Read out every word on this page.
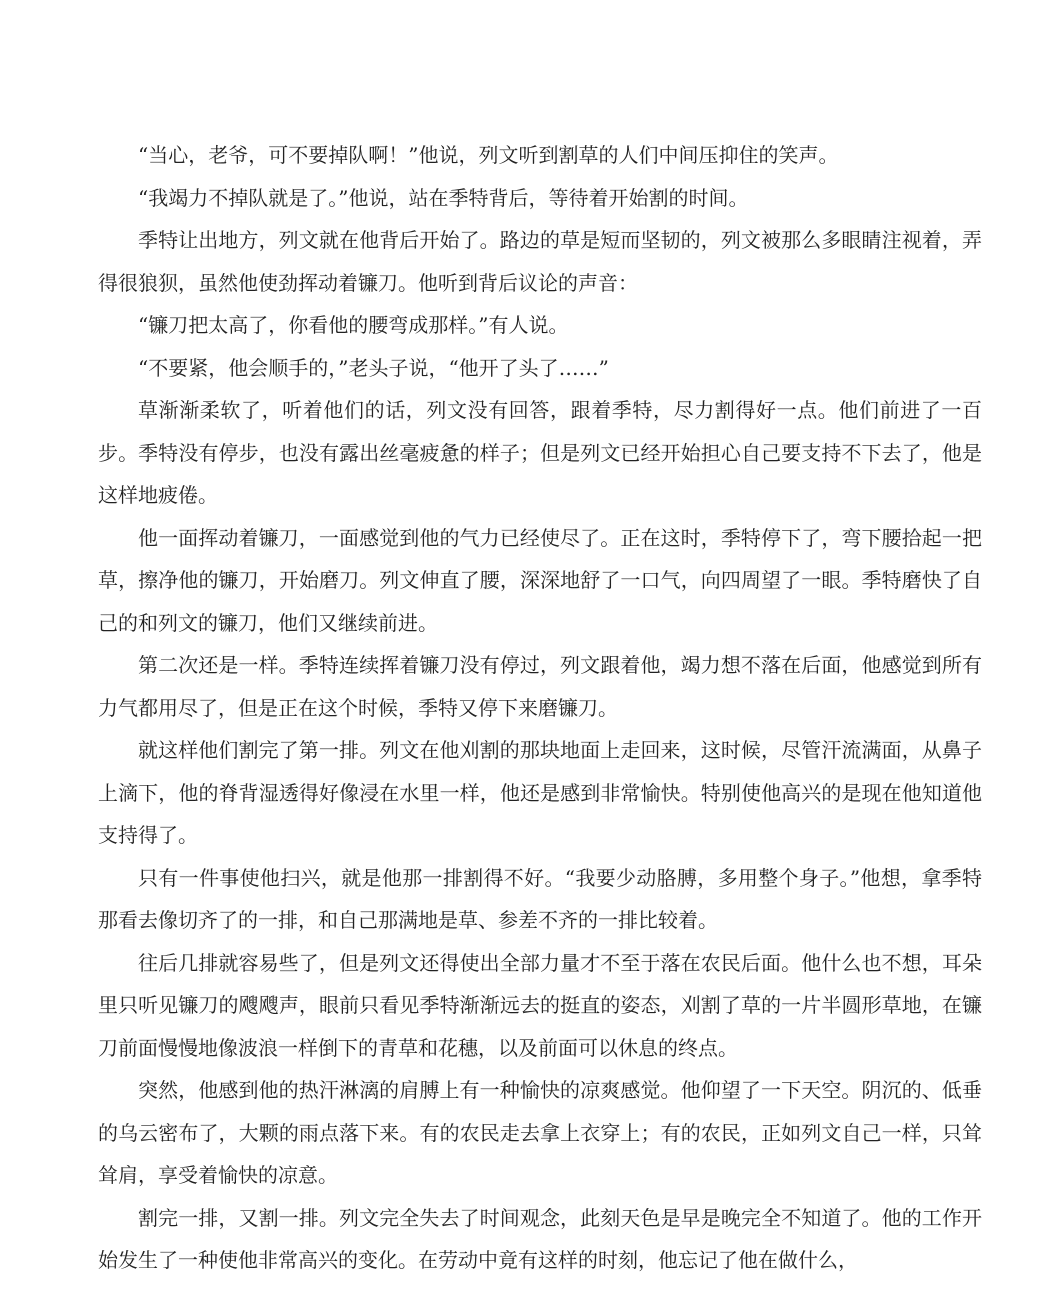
“当心，老爷，可不要掉队啊！”他说，列文听到割草的人们中间压抑住的笑声。

“我竭力不掉队就是了。”他说，站在季特背后，等待着开始割的时间。

季特让出地方，列文就在他背后开始了。路边的草是短而坚韧的，列文被那么多眼睛注视着，弄得很狼狈，虽然他使劲挥动着镰刀。他听到背后议论的声音：

“镰刀把太高了，你看他的腰弯成那样。”有人说。

“不要紧，他会顺手的，”老头子说，“他开了头了……”

草渐渐柔软了，听着他们的话，列文没有回答，跟着季特，尽力割得好一点。他们前进了一百步。季特没有停步，也没有露出丝毫疲惫的样子；但是列文已经开始担心自己要支持不下去了，他是这样地疲倦。

他一面挥动着镰刀，一面感觉到他的气力已经使尽了。正在这时，季特停下了，弯下腰拾起一把草，擦净他的镰刀，开始磨刀。列文伸直了腰，深深地舒了一口气，向四周望了一眼。季特磨快了自己的和列文的镰刀，他们又继续前进。

第二次还是一样。季特连续挥着镰刀没有停过，列文跟着他，竭力想不落在后面，他感觉到所有力气都用尽了，但是正在这个时候，季特又停下来磨镰刀。

就这样他们割完了第一排。列文在他刈割的那块地面上走回来，这时候，尽管汗流满面，从鼻子上滴下，他的脊背湿透得好像浸在水里一样，他还是感到非常愉快。特别使他高兴的是现在他知道他支持得了。

只有一件事使他扫兴，就是他那一排割得不好。“我要少动胳膊，多用整个身子。”他想，拿季特那看去像切齐了的一排，和自己那满地是草、参差不齐的一排比较着。

往后几排就容易些了，但是列文还得使出全部力量才不至于落在农民后面。他什么也不想，耳朵里只听见镰刀的飕飕声，眼前只看见季特渐渐远去的挺直的姿态，刈割了草的一片半圆形草地，在镰刀前面慢慢地像波浪一样倒下的青草和花穗，以及前面可以休息的终点。

突然，他感到他的热汗淋漓的肩膊上有一种愉快的凉爽感觉。他仰望了一下天空。阴沉的、低垂的乌云密布了，大颗的雨点落下来。有的农民走去拿上衣穿上；有的农民，正如列文自己一样，只耸耸肩，享受着愉快的凉意。

割完一排，又割一排。列文完全失去了时间观念，此刻天色是早是晚完全不知道了。他的工作开始发生了一种使他非常高兴的变化。在劳动中竟有这样的时刻，他忘记了他在做什么，
